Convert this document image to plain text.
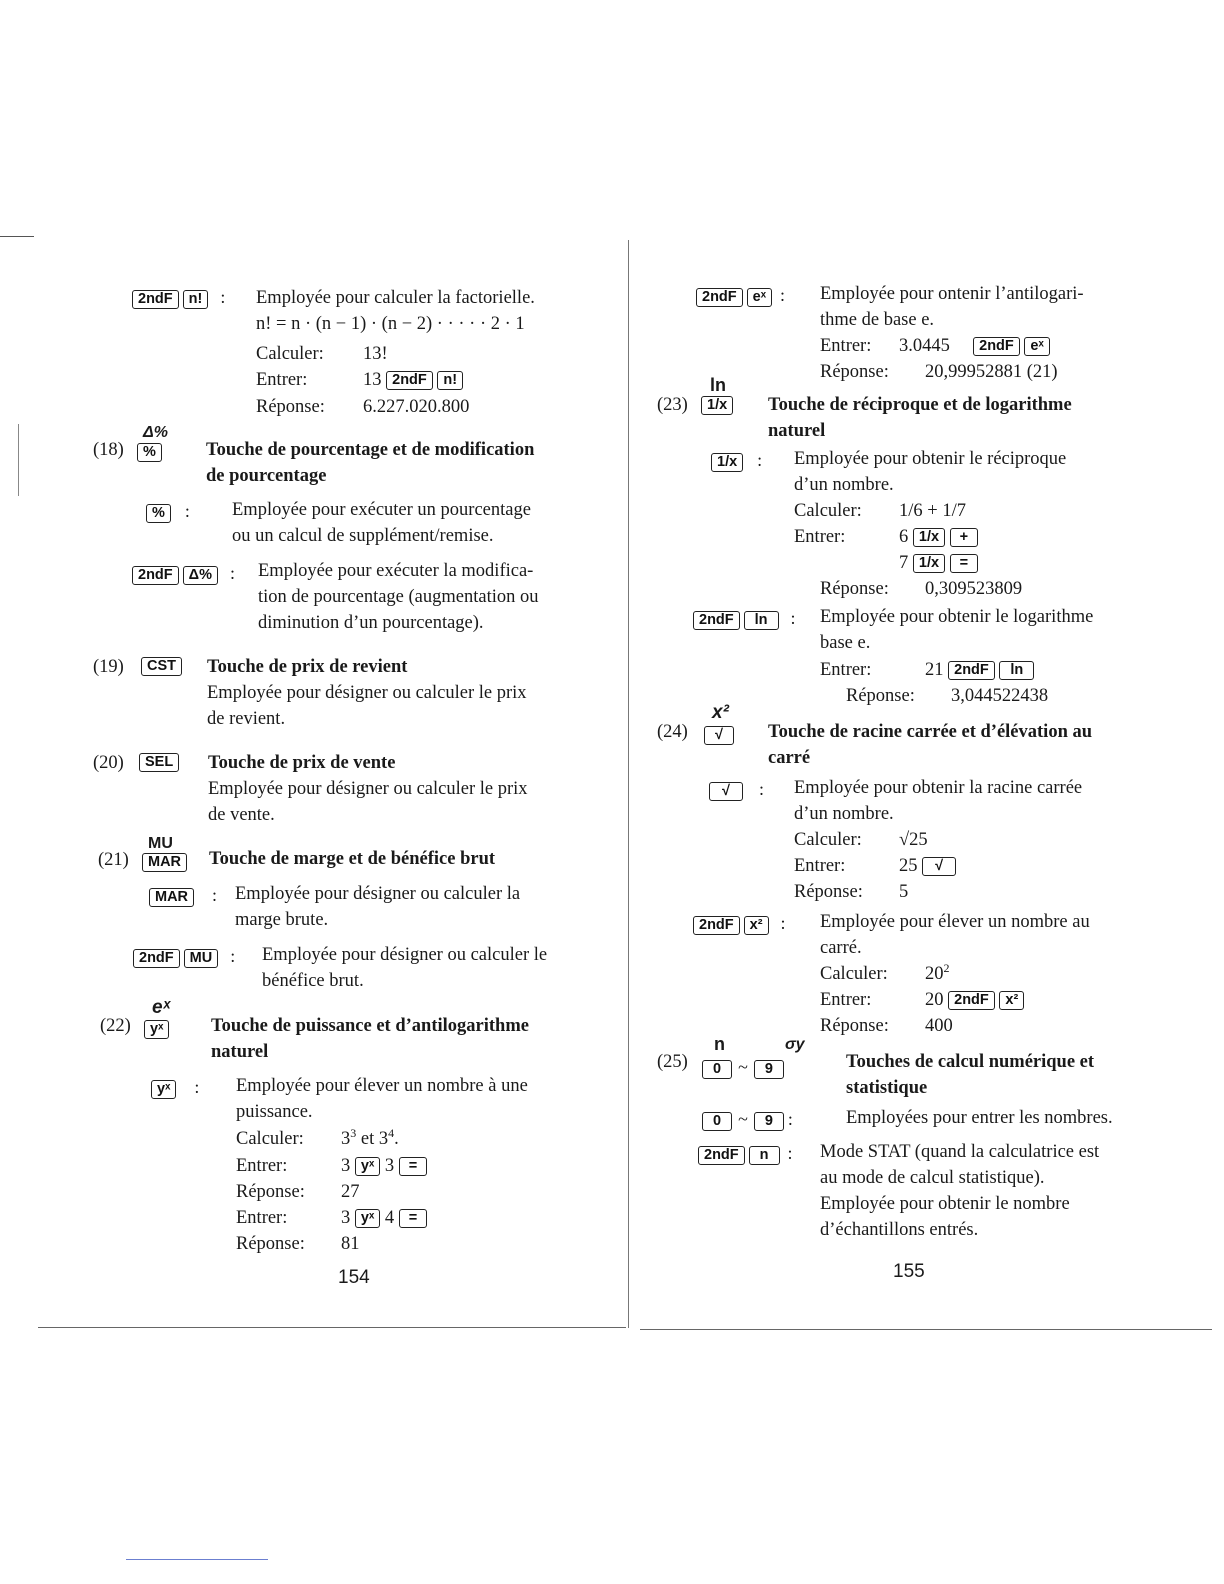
2ndF n! : Employée pour calculer la factorielle.
n! = n · (n − 1) · (n − 2) · · · · · 2 · 1
Calculer: 13!
Entrer:	13 2ndF n!
Réponse: 6.227.020.800
(18)
Δ%
%	Touche de pourcentage et de modification
de pourcentage
% : Employée pour exécuter un pourcentage
ou un calcul de supplément/remise.
2ndF Δ% : Employée pour exécuter la modifica-
tion de pourcentage (augmentation ou
diminution d’un pourcentage).
(19)	CST	Touche de prix de revient
Employée pour désigner ou calculer le prix
de revient.
(20)	SEL	Touche de prix de vente
Employée pour désigner ou calculer le prix
de vente.
(21)
MU
MAR	Touche de marge et de bénéfice brut
MAR : Employée pour désigner ou calculer la
marge brute.
2ndF MU : Employée pour désigner ou calculer le
bénéfice brut.
(22)
eˣ
yˣ	Touche de puissance et d’antilogarithme
naturel
yˣ : Employée pour élever un nombre à une
puissance.
Calculer: $3^3$ et $3^4$.
Entrer:	3 yˣ 3 =
Réponse: 27
Entrer:	3 yˣ 4 =
Réponse: 81
154
2ndF eˣ : Employée pour ontenir l’antilogari-
thme de base e.
Entrer: 3.0445 2ndF eˣ
Réponse: 20,99952881 (21)
(23)
ln
1/x	Touche de réciproque et de logarithme
naturel
1/x : Employée pour obtenir le réciproque
d’un nombre.
Calculer: 1/6 + 1/7
Entrer:	6 1/x +
7 1/x =
Réponse: 0,309523809
2ndF ln : Employée pour obtenir le logarithme
base e.
Entrer:	21 2ndF ln
Réponse: 3,044522438
(24)
x²
√	Touche de racine carrée et d’élévation au
carré
√ : Employée pour obtenir la racine carrée
d’un nombre.
Calculer: √25
Entrer:	25 √
Réponse: 5
2ndF x² : Employée pour élever un nombre au
carré.
Calculer: $20^2$
Entrer:	20 2ndF x²
Réponse: 400
(25)
n	σy
0 ~ 9	Touches de calcul numérique et
statistique
0 ~ 9 :	Employées pour entrer les nombres.
2ndF n : Mode STAT (quand la calculatrice est
au mode de calcul statistique).
Employée pour obtenir le nombre
d’échantillons entrés.
155
